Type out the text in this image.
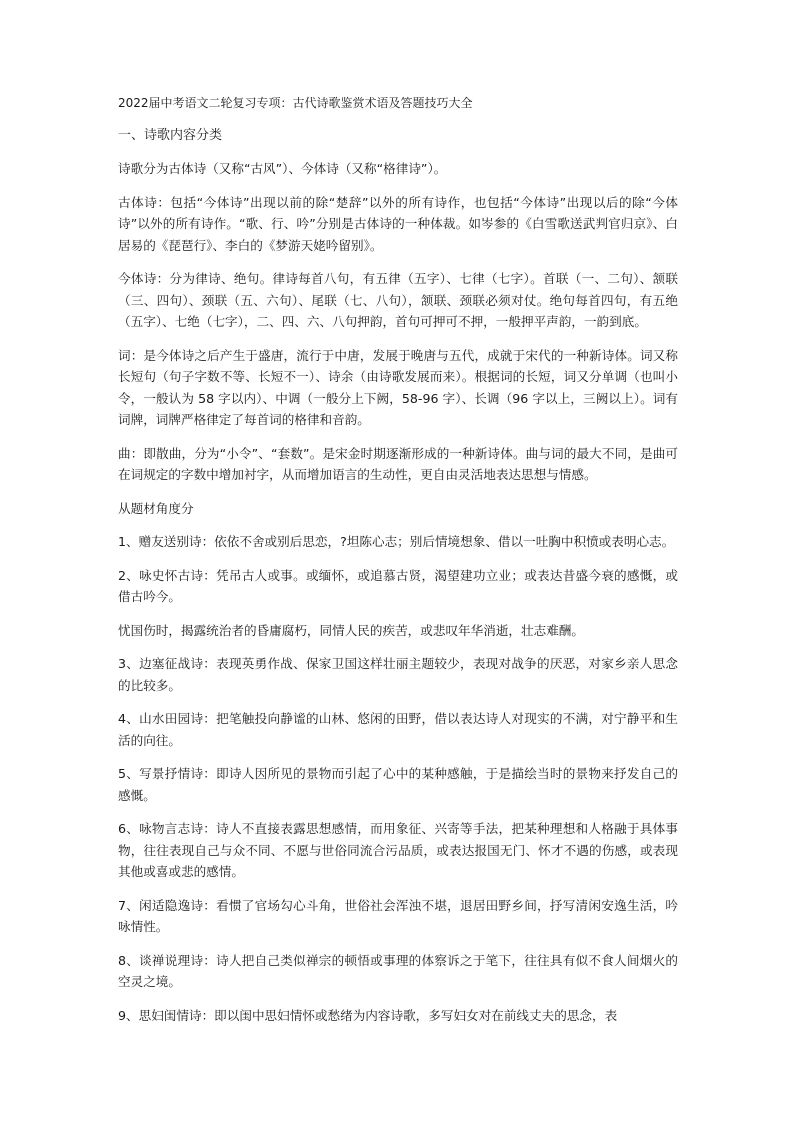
2022届中考语文二轮复习专项：古代诗歌鉴赏术语及答题技巧大全
一、诗歌内容分类

诗歌分为古体诗（又称“古风”）、今体诗（又称“格律诗”）。

古体诗：包括“今体诗”出现以前的除“楚辞”以外的所有诗作，也包括“今体诗”出现以后的除“今体诗”以外的所有诗作。“歌、行、吟”分别是古体诗的一种体裁。如岑参的《白雪歌送武判官归京》、白居易的《琵琶行》、李白的《梦游天姥吟留别》。

今体诗：分为律诗、绝句。律诗每首八句，有五律（五字）、七律（七字）。首联（一、二句）、颔联（三、四句）、颈联（五、六句）、尾联（七、八句），颔联、颈联必须对仗。绝句每首四句，有五绝（五字）、七绝（七字），二、四、六、八句押韵，首句可押可不押，一般押平声韵，一韵到底。

词：是今体诗之后产生于盛唐，流行于中唐，发展于晚唐与五代，成就于宋代的一种新诗体。词又称长短句（句子字数不等、长短不一）、诗余（由诗歌发展而来）。根据词的长短，词又分单调（也叫小令，一般认为 58 字以内）、中调（一般分上下阙，58-96 字）、长调（96 字以上，三阙以上）。词有词牌，词牌严格律定了每首词的格律和音韵。

曲：即散曲，分为“小令”、“套数”。是宋金时期逐渐形成的一种新诗体。曲与词的最大不同，是曲可在词规定的字数中增加衬字，从而增加语言的生动性，更自由灵活地表达思想与情感。

从题材角度分

1、赠友送别诗：依依不舍或别后思恋，?坦陈心志；别后情境想象、借以一吐胸中积愤或表明心志。

2、咏史怀古诗：凭吊古人或事。或缅怀，或追慕古贤，渴望建功立业；或表达昔盛今衰的感慨，或借古吟今。

忧国伤时，揭露统治者的昏庸腐朽，同情人民的疾苦，或悲叹年华消逝，壮志难酬。

3、边塞征战诗：表现英勇作战、保家卫国这样壮丽主题较少，表现对战争的厌恶，对家乡亲人思念的比较多。

4、山水田园诗：把笔触投向静谧的山林、悠闲的田野，借以表达诗人对现实的不满，对宁静平和生活的向往。

5、写景抒情诗：即诗人因所见的景物而引起了心中的某种感触，于是描绘当时的景物来抒发自己的感慨。

6、咏物言志诗：诗人不直接表露思想感情，而用象征、兴寄等手法，把某种理想和人格融于具体事物，往往表现自己与众不同、不愿与世俗同流合污品质，或表达报国无门、怀才不遇的伤感，或表现其他或喜或悲的感情。

7、闲适隐逸诗：看惯了官场勾心斗角，世俗社会浑浊不堪，退居田野乡间，抒写清闲安逸生活，吟咏情性。

8、谈禅说理诗：诗人把自己类似禅宗的顿悟或事理的体察诉之于笔下，往往具有似不食人间烟火的空灵之境。

9、思妇闺情诗：即以闺中思妇情怀或愁绪为内容诗歌，多写妇女对在前线丈夫的思念，表
